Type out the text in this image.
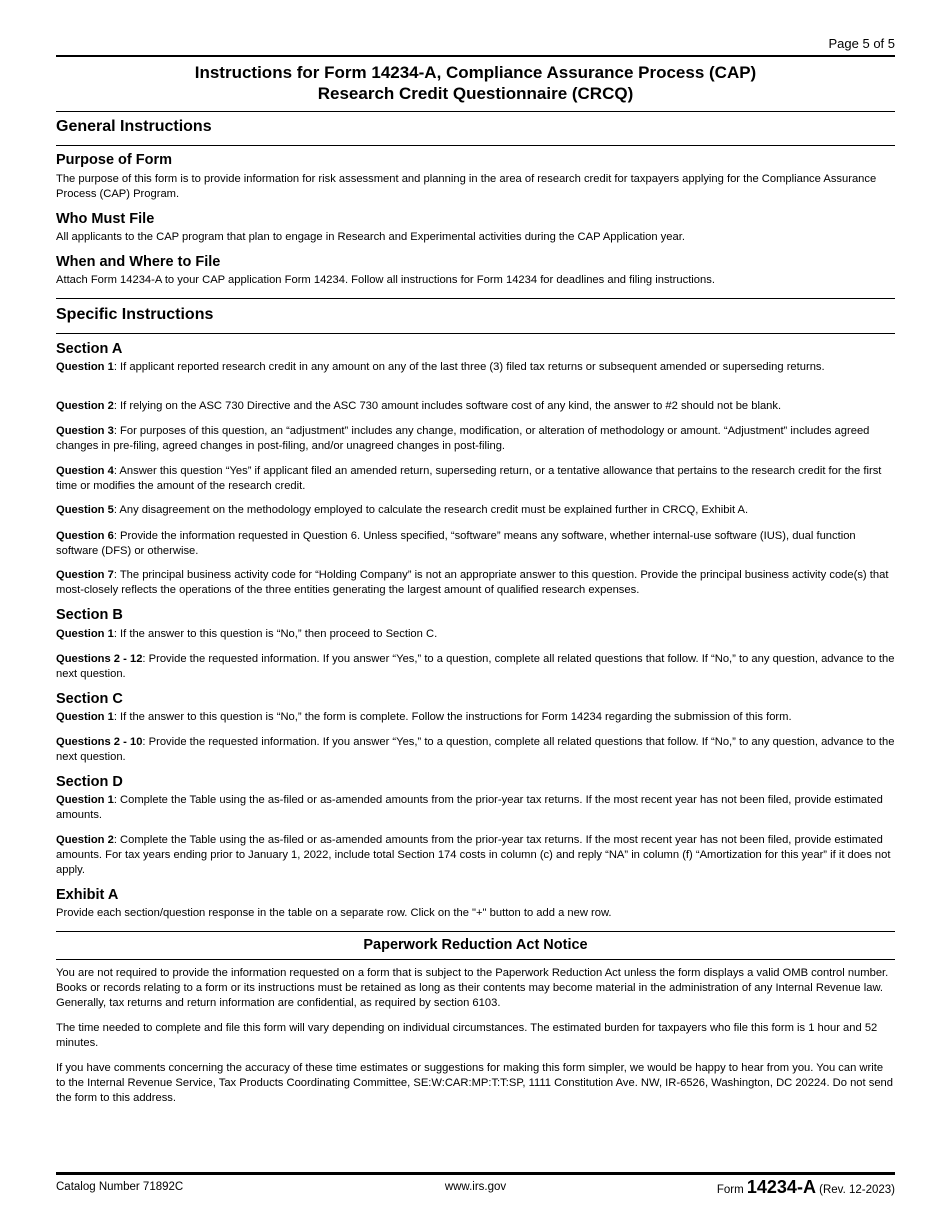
Page 5 of 5
Instructions for Form 14234-A, Compliance Assurance Process (CAP)
Research Credit Questionnaire (CRCQ)
General Instructions
Purpose of Form
The purpose of this form is to provide information for risk assessment and planning in the area of research credit for taxpayers applying for the Compliance Assurance Process (CAP) Program.
Who Must File
All applicants to the CAP program that plan to engage in Research and Experimental activities during the CAP Application year.
When and Where to File
Attach Form 14234-A to your CAP application Form 14234. Follow all instructions for Form 14234 for deadlines and filing instructions.
Specific Instructions
Section A
Question 1: If applicant reported research credit in any amount on any of the last three (3) filed tax returns or subsequent amended or superseding returns.
Question 2: If relying on the ASC 730 Directive and the ASC 730 amount includes software cost of any kind, the answer to #2 should not be blank.
Question 3: For purposes of this question, an “adjustment” includes any change, modification, or alteration of methodology or amount. “Adjustment” includes agreed changes in pre-filing, agreed changes in post-filing, and/or unagreed changes in post-filing.
Question 4: Answer this question “Yes” if applicant filed an amended return, superseding return, or a tentative allowance that pertains to the research credit for the first time or modifies the amount of the research credit.
Question 5: Any disagreement on the methodology employed to calculate the research credit must be explained further in CRCQ, Exhibit A.
Question 6: Provide the information requested in Question 6. Unless specified, “software” means any software, whether internal-use software (IUS), dual function software (DFS) or otherwise.
Question 7: The principal business activity code for “Holding Company” is not an appropriate answer to this question. Provide the principal business activity code(s) that most-closely reflects the operations of the three entities generating the largest amount of qualified research expenses.
Section B
Question 1: If the answer to this question is “No,” then proceed to Section C.
Questions 2 - 12: Provide the requested information. If you answer “Yes,” to a question, complete all related questions that follow. If “No,” to any question, advance to the next question.
Section C
Question 1: If the answer to this question is “No,” the form is complete. Follow the instructions for Form 14234 regarding the submission of this form.
Questions 2 - 10: Provide the requested information. If you answer “Yes,” to a question, complete all related questions that follow. If “No,” to any question, advance to the next question.
Section D
Question 1: Complete the Table using the as-filed or as-amended amounts from the prior-year tax returns. If the most recent year has not been filed, provide estimated amounts.
Question 2: Complete the Table using the as-filed or as-amended amounts from the prior-year tax returns. If the most recent year has not been filed, provide estimated amounts. For tax years ending prior to January 1, 2022, include total Section 174 costs in column (c) and reply “NA” in column (f) “Amortization for this year” if it does not apply.
Exhibit A
Provide each section/question response in the table on a separate row. Click on the "+" button to add a new row.
Paperwork Reduction Act Notice
You are not required to provide the information requested on a form that is subject to the Paperwork Reduction Act unless the form displays a valid OMB control number. Books or records relating to a form or its instructions must be retained as long as their contents may become material in the administration of any Internal Revenue law. Generally, tax returns and return information are confidential, as required by section 6103.
The time needed to complete and file this form will vary depending on individual circumstances. The estimated burden for taxpayers who file this form is 1 hour and 52 minutes.
If you have comments concerning the accuracy of these time estimates or suggestions for making this form simpler, we would be happy to hear from you. You can write to the Internal Revenue Service, Tax Products Coordinating Committee, SE:W:CAR:MP:T:T:SP, 1111 Constitution Ave. NW, IR-6526, Washington, DC 20224. Do not send the form to this address.
Catalog Number 71892C	www.irs.gov	Form 14234-A (Rev. 12-2023)
